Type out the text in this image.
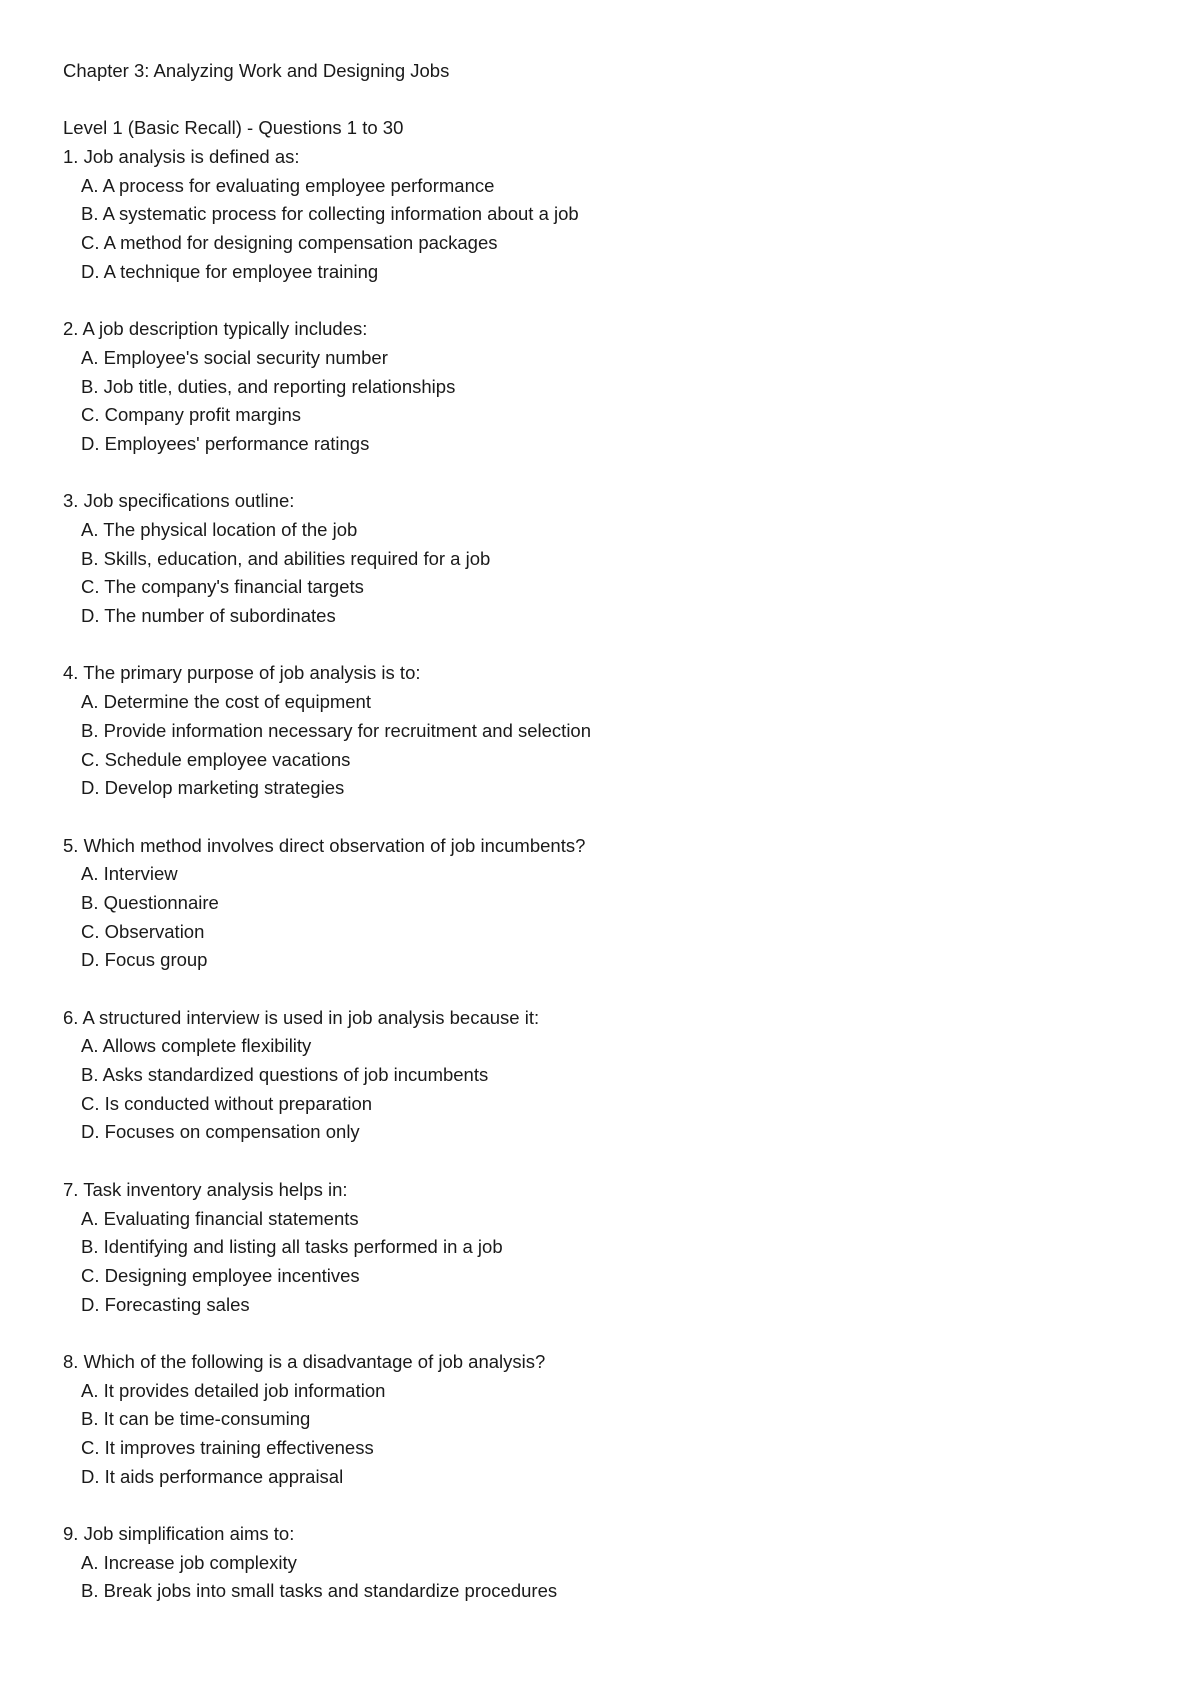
Chapter 3: Analyzing Work and Designing Jobs
Level 1 (Basic Recall) - Questions 1 to 30
1. Job analysis is defined as:
A. A process for evaluating employee performance
B. A systematic process for collecting information about a job
C. A method for designing compensation packages
D. A technique for employee training
2. A job description typically includes:
A. Employee's social security number
B. Job title, duties, and reporting relationships
C. Company profit margins
D. Employees' performance ratings
3. Job specifications outline:
A. The physical location of the job
B. Skills, education, and abilities required for a job
C. The company's financial targets
D. The number of subordinates
4. The primary purpose of job analysis is to:
A. Determine the cost of equipment
B. Provide information necessary for recruitment and selection
C. Schedule employee vacations
D. Develop marketing strategies
5. Which method involves direct observation of job incumbents?
A. Interview
B. Questionnaire
C. Observation
D. Focus group
6. A structured interview is used in job analysis because it:
A. Allows complete flexibility
B. Asks standardized questions of job incumbents
C. Is conducted without preparation
D. Focuses on compensation only
7. Task inventory analysis helps in:
A. Evaluating financial statements
B. Identifying and listing all tasks performed in a job
C. Designing employee incentives
D. Forecasting sales
8. Which of the following is a disadvantage of job analysis?
A. It provides detailed job information
B. It can be time-consuming
C. It improves training effectiveness
D. It aids performance appraisal
9. Job simplification aims to:
A. Increase job complexity
B. Break jobs into small tasks and standardize procedures
